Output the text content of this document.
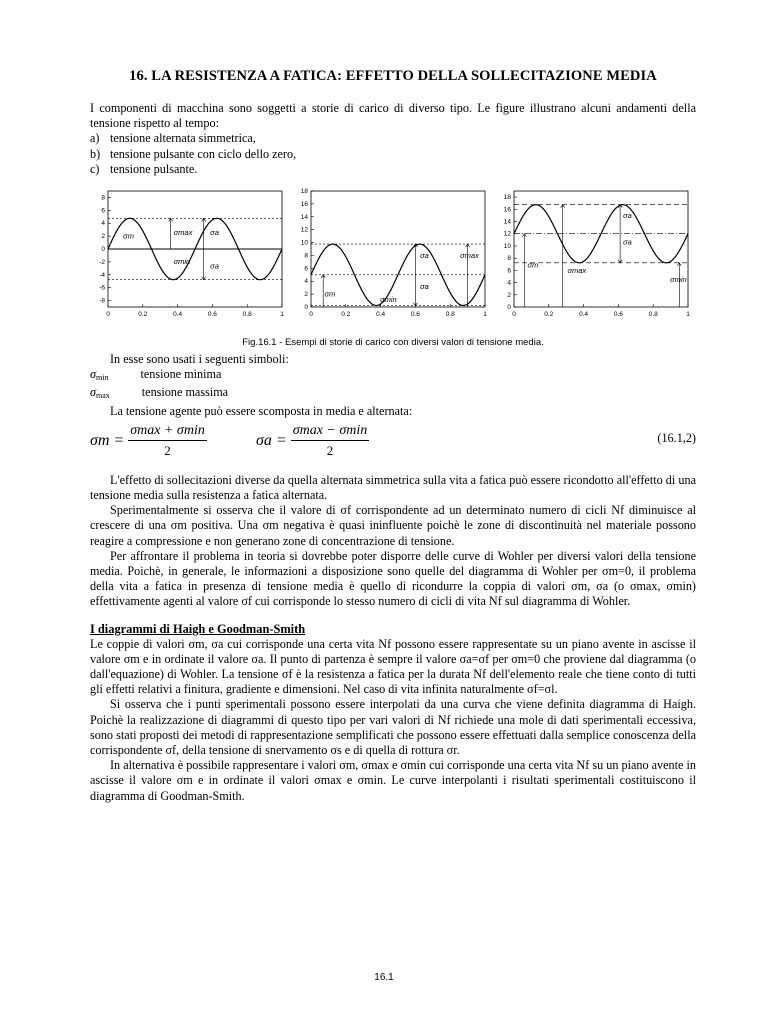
16. LA RESISTENZA A FATICA: EFFETTO DELLA SOLLECITAZIONE MEDIA

I componenti di macchina sono soggetti a storie di carico di diverso tipo. Le figure illustrano alcuni andamenti della tensione rispetto al tempo:

a) tensione alternata simmetrica,
b) tensione pulsante con ciclo dello zero,
c) tensione pulsante.
0	0.2	0.4	0.6	0.8	1
8
6
4
2
0
-2
-4
-6
-8
σm	σmax
σmin
σa
σa
0	0.2	0.4	0.6	0.8	1
18
16
14
12
10
8
6
4
2
0
σm
σmin
σa	σmax
σa
0	0.2	0.4	0.6	0.8	1
18
16
14
12
10
8
6
4
2
0
σa
σa
σm
σmax
σmin
Fig.16.1 - Esempi di storie di carico con diversi valori di tensione media.

In esse sono usati i seguenti simboli:

$\sigma_{min}$	tensione minima
$\sigma_{max}$	tensione massima

La tensione agente può essere scomposta in media e alternata:

σm =
σmax + σmin
2
σa =
σmax − σmin
2
(16.1,2)

L'effetto di sollecitazioni diverse da quella alternata simmetrica sulla vita a fatica può essere ricondotto all'effetto di una tensione media sulla resistenza a fatica alternata.

Sperimentalmente si osserva che il valore di σf corrispondente ad un determinato numero di cicli Nf diminuisce al crescere di una σm positiva. Una σm negativa è quasi ininfluente poichè le zone di discontinuità nel materiale possono reagire a compressione e non generano zone di concentrazione di tensione.

Per affrontare il problema in teoria si dovrebbe poter disporre delle curve di Wohler per diversi valori della tensione media. Poichè, in generale, le informazioni a disposizione sono quelle del diagramma di Wohler per σm=0, il problema della vita a fatica in presenza di tensione media è quello di ricondurre la coppia di valori σm, σa (o σmax, σmin) effettivamente agenti al valore σf cui corrisponde lo stesso numero di cicli di vita Nf sul diagramma di Wohler.

I diagrammi di Haigh e Goodman-Smith

Le coppie di valori σm, σa cui corrisponde una certa vita Nf possono essere rappresentate su un piano avente in ascisse il valore σm e in ordinate il valore σa. Il punto di partenza è sempre il valore σa=σf per σm=0 che proviene dal diagramma (o dall'equazione) di Wohler. La tensione σf è la resistenza a fatica per la durata Nf dell'elemento reale che tiene conto di tutti gli effetti relativi a finitura, gradiente e dimensioni. Nel caso di vita infinita naturalmente σf=σl.

Si osserva che i punti sperimentali possono essere interpolati da una curva che viene definita diagramma di Haigh. Poichè la realizzazione di diagrammi di questo tipo per vari valori di Nf richiede una mole di dati sperimentali eccessiva, sono stati proposti dei metodi di rappresentazione semplificati che possono essere effettuati dalla semplice conoscenza della corrispondente σf, della tensione di snervamento σs e di quella di rottura σr.

In alternativa è possibile rappresentare i valori σm, σmax e σmin cui corrisponde una certa vita Nf su un piano avente in ascisse il valore σm e in ordinate il valori σmax e σmin. Le curve interpolanti i risultati sperimentali costituiscono il diagramma di Goodman-Smith.

16.1
